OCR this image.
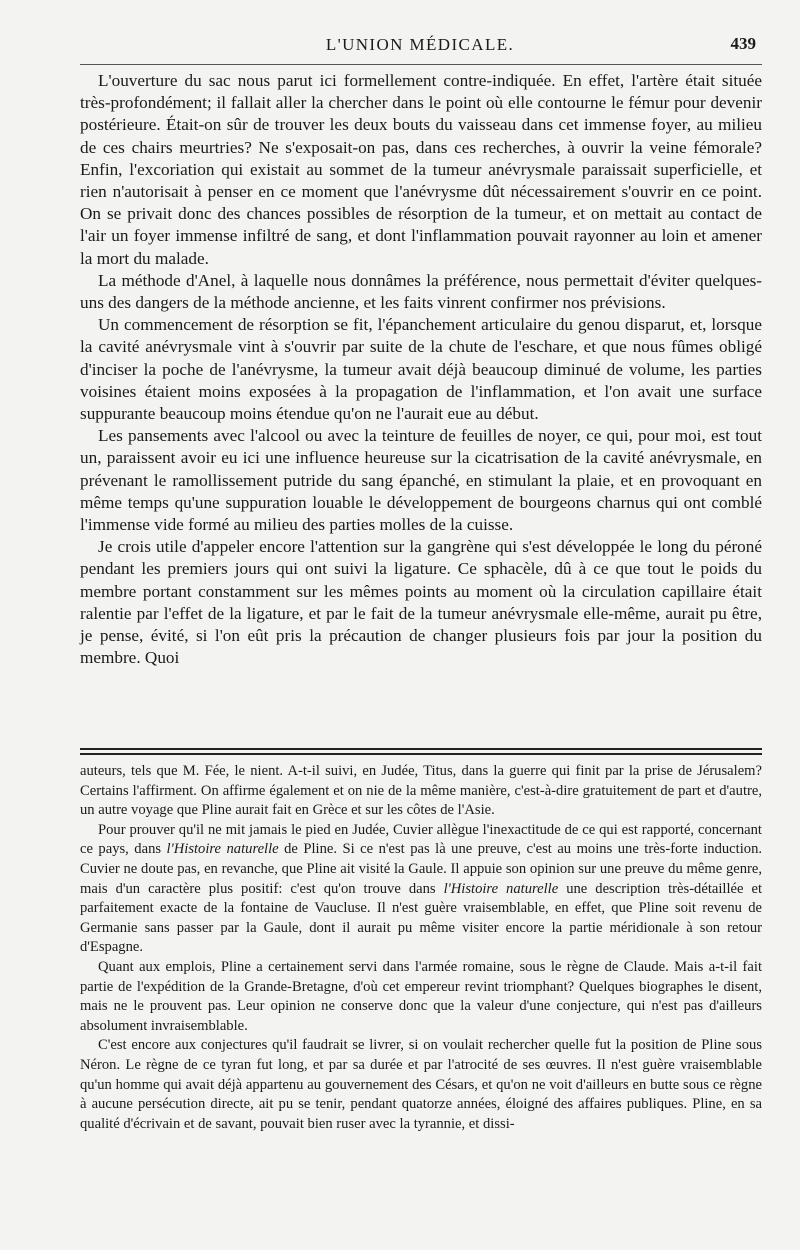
L'UNION MÉDICALE.	439

L'ouverture du sac nous parut ici formellement contre-indiquée. En effet, l'artère était située très-profondément; il fallait aller la chercher dans le point où elle contourne le fémur pour devenir postérieure. Était-on sûr de trouver les deux bouts du vaisseau dans cet immense foyer, au milieu de ces chairs meurtries? Ne s'exposait-on pas, dans ces recherches, à ouvrir la veine fémorale? Enfin, l'excoriation qui existait au sommet de la tumeur anévrysmale paraissait superficielle, et rien n'autorisait à penser en ce moment que l'anévrysme dût nécessairement s'ouvrir en ce point. On se privait donc des chances possibles de résorption de la tumeur, et on mettait au contact de l'air un foyer immense infiltré de sang, et dont l'inflammation pouvait rayonner au loin et amener la mort du malade.

La méthode d'Anel, à laquelle nous donnâmes la préférence, nous permettait d'éviter quelques-uns des dangers de la méthode ancienne, et les faits vinrent confirmer nos prévisions.

Un commencement de résorption se fit, l'épanchement articulaire du genou disparut, et, lorsque la cavité anévrysmale vint à s'ouvrir par suite de la chute de l'eschare, et que nous fûmes obligé d'inciser la poche de l'anévrysme, la tumeur avait déjà beaucoup diminué de volume, les parties voisines étaient moins exposées à la propagation de l'inflammation, et l'on avait une surface suppurante beaucoup moins étendue qu'on ne l'aurait eue au début.

Les pansements avec l'alcool ou avec la teinture de feuilles de noyer, ce qui, pour moi, est tout un, paraissent avoir eu ici une influence heureuse sur la cicatrisation de la cavité anévrysmale, en prévenant le ramollissement putride du sang épanché, en stimulant la plaie, et en provoquant en même temps qu'une suppuration louable le développement de bourgeons charnus qui ont comblé l'immense vide formé au milieu des parties molles de la cuisse.

Je crois utile d'appeler encore l'attention sur la gangrène qui s'est développée le long du péroné pendant les premiers jours qui ont suivi la ligature. Ce sphacèle, dû à ce que tout le poids du membre portant constamment sur les mêmes points au moment où la circulation capillaire était ralentie par l'effet de la ligature, et par le fait de la tumeur anévrysmale elle-même, aurait pu être, je pense, évité, si l'on eût pris la précaution de changer plusieurs fois par jour la position du membre. Quoi

auteurs, tels que M. Fée, le nient. A-t-il suivi, en Judée, Titus, dans la guerre qui finit par la prise de Jérusalem? Certains l'affirment. On affirme également et on nie de la même manière, c'est-à-dire gratuitement de part et d'autre, un autre voyage que Pline aurait fait en Grèce et sur les côtes de l'Asie.

Pour prouver qu'il ne mit jamais le pied en Judée, Cuvier allègue l'inexactitude de ce qui est rapporté, concernant ce pays, dans l'Histoire naturelle de Pline. Si ce n'est pas là une preuve, c'est au moins une très-forte induction. Cuvier ne doute pas, en revanche, que Pline ait visité la Gaule. Il appuie son opinion sur une preuve du même genre, mais d'un caractère plus positif: c'est qu'on trouve dans l'Histoire naturelle une description très-détaillée et parfaitement exacte de la fontaine de Vaucluse. Il n'est guère vraisemblable, en effet, que Pline soit revenu de Germanie sans passer par la Gaule, dont il aurait pu même visiter encore la partie méridionale à son retour d'Espagne.

Quant aux emplois, Pline a certainement servi dans l'armée romaine, sous le règne de Claude. Mais a-t-il fait partie de l'expédition de la Grande-Bretagne, d'où cet empereur revint triomphant? Quelques biographes le disent, mais ne le prouvent pas. Leur opinion ne conserve donc que la valeur d'une conjecture, qui n'est pas d'ailleurs absolument invraisemblable.

C'est encore aux conjectures qu'il faudrait se livrer, si on voulait rechercher quelle fut la position de Pline sous Néron. Le règne de ce tyran fut long, et par sa durée et par l'atrocité de ses œuvres. Il n'est guère vraisemblable qu'un homme qui avait déjà appartenu au gouvernement des Césars, et qu'on ne voit d'ailleurs en butte sous ce règne à aucune persécution directe, ait pu se tenir, pendant quatorze années, éloigné des affaires publiques. Pline, en sa qualité d'écrivain et de savant, pouvait bien ruser avec la tyrannie, et dissi-
